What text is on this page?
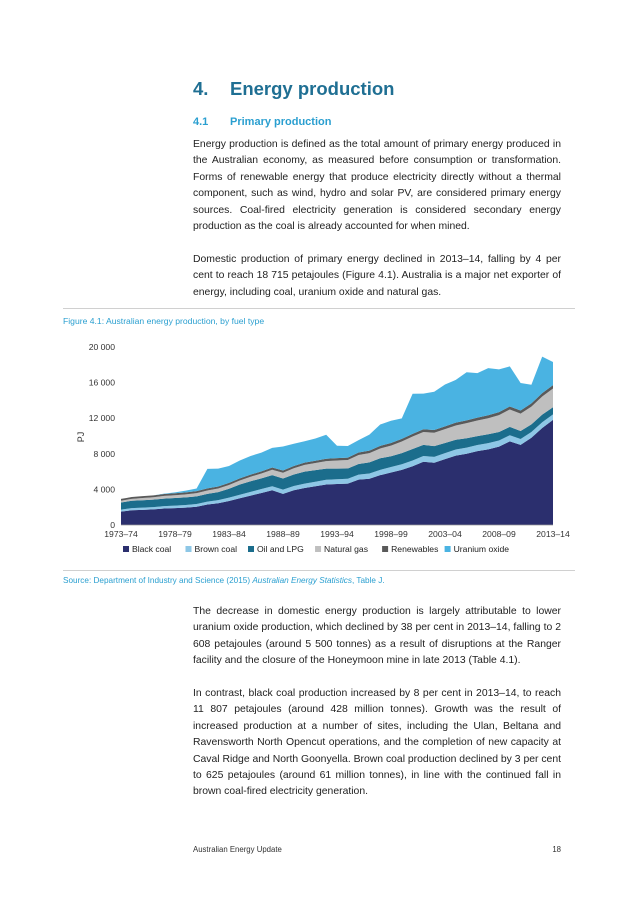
4. Energy production
4.1 Primary production

Energy production is defined as the total amount of primary energy produced in the Australian economy, as measured before consumption or transformation. Forms of renewable energy that produce electricity directly without a thermal component, such as wind, hydro and solar PV, are considered primary energy sources. Coal-fired electricity generation is considered secondary energy production as the coal is already accounted for when mined.

Domestic production of primary energy declined in 2013–14, falling by 4 per cent to reach 18 715 petajoules (Figure 4.1). Australia is a major net exporter of energy, including coal, uranium oxide and natural gas.

Figure 4.1: Australian energy production, by fuel type

0
4 000
8 000
12 000
16 000
20 000
1973–74 1978–79 1983–84 1988–89 1993–94 1998–99 2003–04 2008–09 2013–14
PJ
Black coal	Brown coal Oil and LPG Natural gas	Renewables Uranium oxide

Source: Department of Industry and Science (2015) Australian Energy Statistics, Table J.

The decrease in domestic energy production is largely attributable to lower uranium oxide production, which declined by 38 per cent in 2013–14, falling to 2 608 petajoules (around 5 500 tonnes) as a result of disruptions at the Ranger facility and the closure of the Honeymoon mine in late 2013 (Table 4.1).

In contrast, black coal production increased by 8 per cent in 2013–14, to reach 11 807 petajoules (around 428 million tonnes). Growth was the result of increased production at a number of sites, including the Ulan, Beltana and Ravensworth North Opencut operations, and the completion of new capacity at Caval Ridge and North Goonyella. Brown coal production declined by 3 per cent to 625 petajoules (around 61 million tonnes), in line with the continued fall in brown coal-fired electricity generation.

Australian Energy Update	18
